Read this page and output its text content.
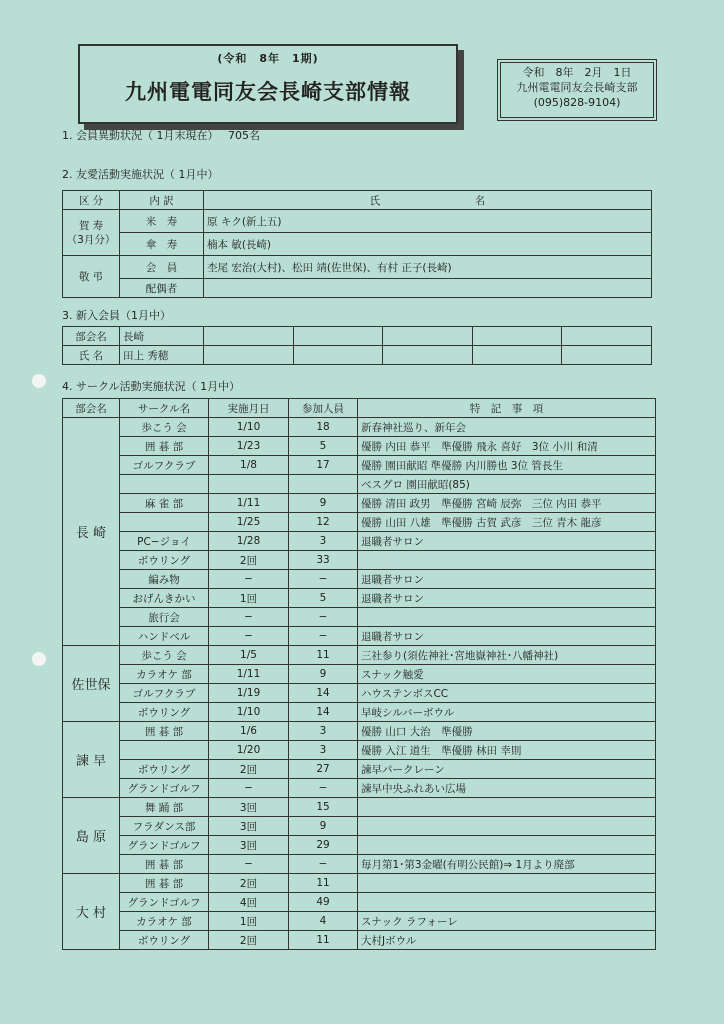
(令和　8年　1期)
九州電電同友会長崎支部情報
令和　8年　2月　1日
九州電電同友会長崎支部
(095)828-9104)
1. 会員異動状況（ 1月末現在） 705名
2. 友愛活動実施状況（ 1月中）
区 分	内 訳	氏　　　　　　　　　名

賀 寿
（3月分）	米　寿	原 キク(新上五)
	傘　寿	楠本 敏(長崎)
敬 弔	会　員	杢尾 宏治(大村)、松田 靖(佐世保)、有村 正子(長崎)
	配偶者	
3. 新入会員（1月中）
部会名	長崎					
氏 名	田上 秀穂					
4. サークル活動実施状況（ 1月中）
部会名	サークル名	実施月日	参加人員	特　記　事　項
長 崎	歩こう 会	1/10	18	新春神社巡り、新年会
	囲 碁 部	1/23	5	優勝 内田 恭平　準優勝 飛永 喜好　3位 小川 和清
	ゴルフクラブ	1/8	17	優勝 園田献昭 準優勝 内川勝也 3位 管長生
				ベスグロ 園田献昭(85)
	麻 雀 部	1/11	9	優勝 清田 政男　準優勝 宮崎 辰弥　三位 内田 恭平
		1/25	12	優勝 山田 八雄　準優勝 古賀 武彦　三位 青木 龍彦
	PC−ジョイ	1/28	3	退職者サロン
	ボウリング	2回	33	
	編み物	−	−	退職者サロン
	おげんきかい	1回	5	退職者サロン
	旅行会	−	−	
	ハンドベル	−	−	退職者サロン
佐世保	歩こう 会	1/5	11	三社参り(須佐神社･宮地嶽神社･八幡神社)
	カラオケ 部	1/11	9	スナック触愛
	ゴルフクラブ	1/19	14	ハウステンボスCC
	ボウリング	1/10	14	早岐シルバーボウル
諫 早	囲 碁 部	1/6	3	優勝 山口 大治　準優勝
		1/20	3	優勝 入江 道生　準優勝 林田 幸則
	ボウリング	2回	27	諫早パークレーン
	グランドゴルフ	−	−	諫早中央ふれあい広場
島 原	舞 踊 部	3回	15	
	フラダンス部	3回	9	
	グランドゴルフ	3回	29	
	囲 碁 部	−	−	毎月第1･第3金曜(有明公民館)⇒ 1月より廃部
大 村	囲 碁 部	2回	11	
	グランドゴルフ	4回	49	
	カラオケ 部	1回	4	スナック ラフォーレ
	ボウリング	2回	11	大村Jボウル
